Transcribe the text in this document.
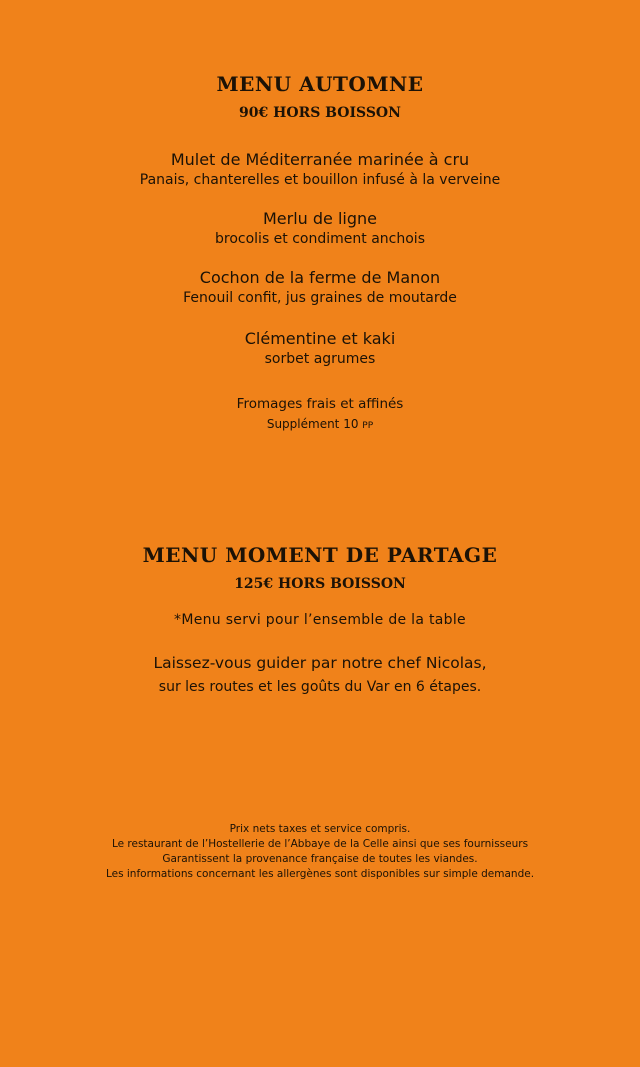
MENU AUTOMNE
90€ HORS BOISSON
Mulet de Méditerranée marinée à cru
Panais, chanterelles et bouillon infusé à la verveine
Merlu de ligne
brocolis et condiment anchois
Cochon de la ferme de Manon
Fenouil confit, jus graines de moutarde
Clémentine et kaki
sorbet agrumes
Fromages frais et affinés
Supplément 10 PP
MENU MOMENT DE PARTAGE
125€ HORS BOISSON
*Menu servi pour l’ensemble de la table
Laissez-vous guider par notre chef Nicolas,
sur les routes et les goûts du Var en 6 étapes.
Prix nets taxes et service compris.
Le restaurant de l’Hostellerie de l’Abbaye de la Celle ainsi que ses fournisseurs
Garantissent la provenance française de toutes les viandes.
Les informations concernant les allergènes sont disponibles sur simple demande.
